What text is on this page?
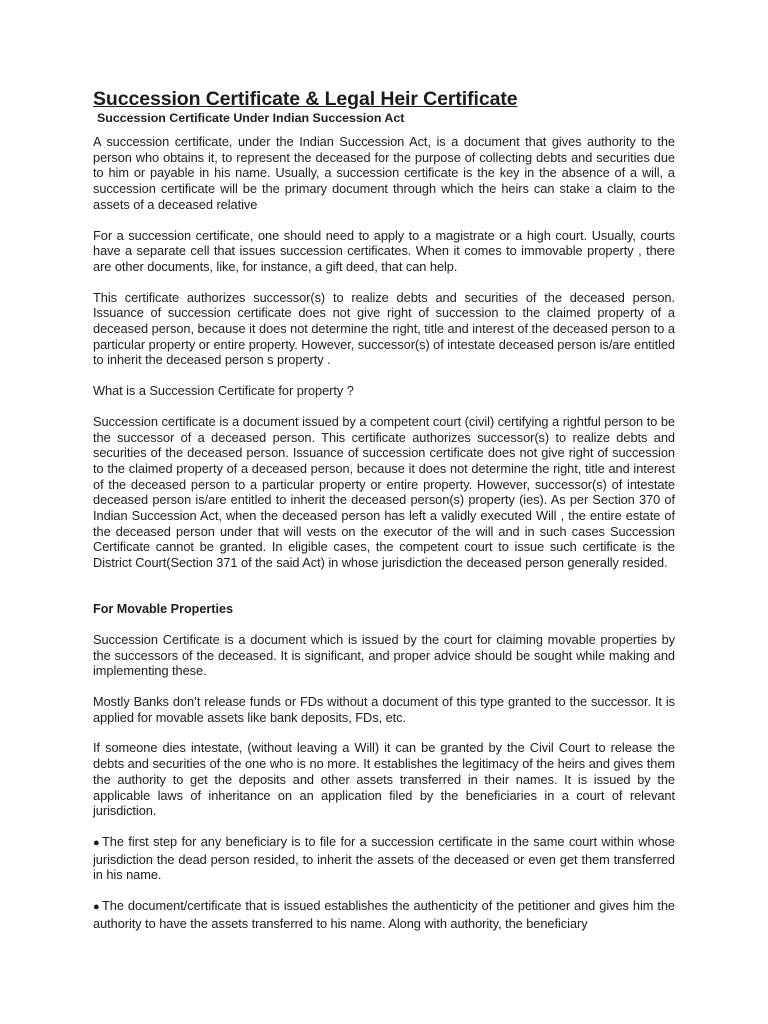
Succession Certificate & Legal Heir Certificate
Succession Certificate Under Indian Succession Act

A succession certificate, under the Indian Succession Act, is a document that gives authority to the person who obtains it, to represent the deceased for the purpose of collecting debts and securities due to him or payable in his name. Usually, a succession certificate is the key in the absence of a will, a succession certificate will be the primary document through which the heirs can stake a claim to the assets of a deceased relative

For a succession certificate, one should need to apply to a magistrate or a high court. Usually, courts have a separate cell that issues succession certificates. When it comes to immovable property , there are other documents, like, for instance, a gift deed, that can help.

This certificate authorizes successor(s) to realize debts and securities of the deceased person. Issuance of succession certificate does not give right of succession to the claimed property of a deceased person, because it does not determine the right, title and interest of the deceased person to a particular property or entire property. However, successor(s) of intestate deceased person is/are entitled to inherit the deceased person s property .

What is a Succession Certificate for property ?

Succession certificate is a document issued by a competent court (civil) certifying a rightful person to be the successor of a deceased person. This certificate authorizes successor(s) to realize debts and securities of the deceased person. Issuance of succession certificate does not give right of succession to the claimed property of a deceased person, because it does not determine the right, title and interest of the deceased person to a particular property or entire property. However, successor(s) of intestate deceased person is/are entitled to inherit the deceased person(s) property (ies). As per Section 370 of Indian Succession Act, when the deceased person has left a validly executed Will , the entire estate of the deceased person under that will vests on the executor of the will and in such cases Succession Certificate cannot be granted. In eligible cases, the competent court to issue such certificate is the District Court(Section 371 of the said Act) in whose jurisdiction the deceased person generally resided.

For Movable Properties

Succession Certificate is a document which is issued by the court for claiming movable properties by the successors of the deceased. It is significant, and proper advice should be sought while making and implementing these.

Mostly Banks don’t release funds or FDs without a document of this type granted to the successor. It is applied for movable assets like bank deposits, FDs, etc.

If someone dies intestate, (without leaving a Will) it can be granted by the Civil Court to release the debts and securities of the one who is no more. It establishes the legitimacy of the heirs and gives them the authority to get the deposits and other assets transferred in their names. It is issued by the applicable laws of inheritance on an application filed by the beneficiaries in a court of relevant jurisdiction.

● The first step for any beneficiary is to file for a succession certificate in the same court within whose jurisdiction the dead person resided, to inherit the assets of the deceased or even get them transferred in his name.

● The document/certificate that is issued establishes the authenticity of the petitioner and gives him the authority to have the assets transferred to his name. Along with authority, the beneficiary
